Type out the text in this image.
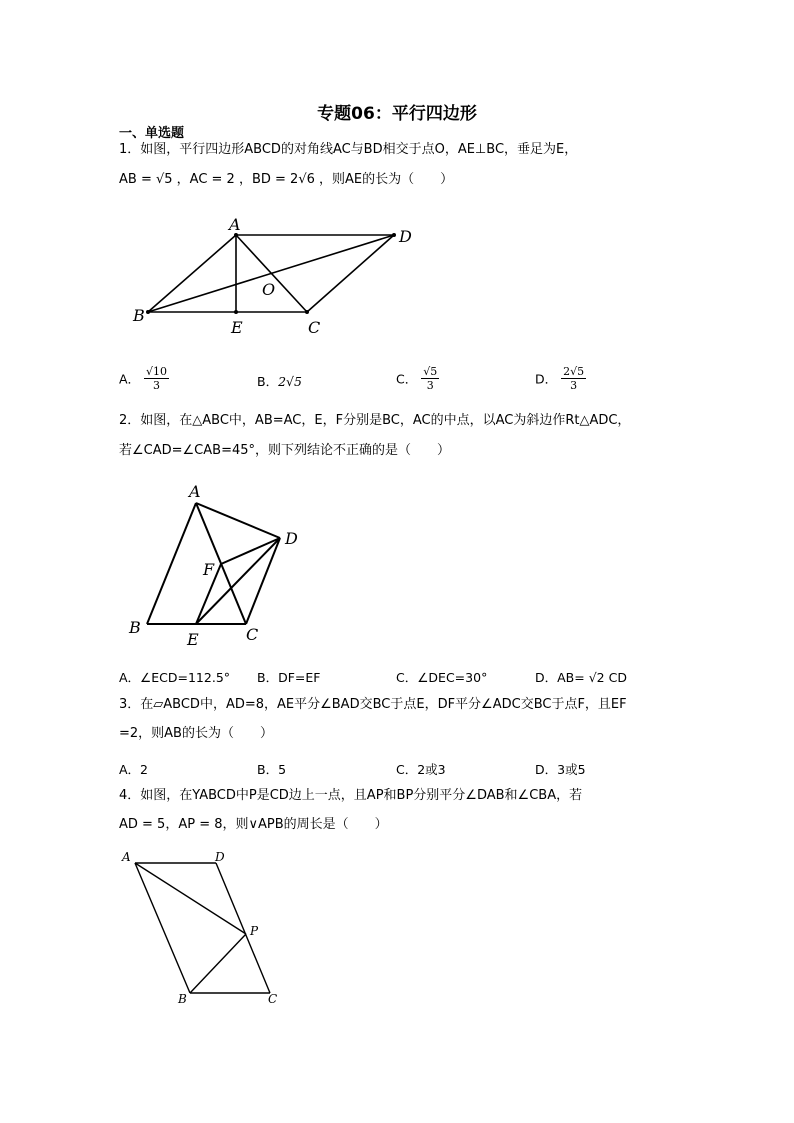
专题06：平行四边形
一、单选题
1．如图，平行四边形ABCD的对角线AC与BD相交于点O，AE⊥BC，垂足为E，
AB = √5 ，AC = 2 ，BD = 2√6 ，则AE的长为（　　）
A
D
O
B
E	C
A． $\frac{√10}{3}$	B．2√5	C． $\frac{√5}{3}$	D． $\frac{2√5}{3}$
2．如图，在△ABC中，AB=AC，E，F分别是BC，AC的中点，以AC为斜边作Rt△ADC，
若∠CAD=∠CAB=45°，则下列结论不正确的是（　　）
A
D
F
B
E	C
A．∠ECD=112.5° B．DF=EF	C．∠DEC=30°	D．AB= √2 CD
3．在▱ABCD中，AD=8，AE平分∠BAD交BC于点E，DF平分∠ADC交BC于点F，且EF
=2，则AB的长为（　　）
A．2	B．5	C．2或3	D．3或5
4．如图，在YABCD中P是CD边上一点，且AP和BP分别平分∠DAB和∠CBA，若
AD = 5，AP = 8，则∨APB的周长是（　　）
A	D
P
B	C
